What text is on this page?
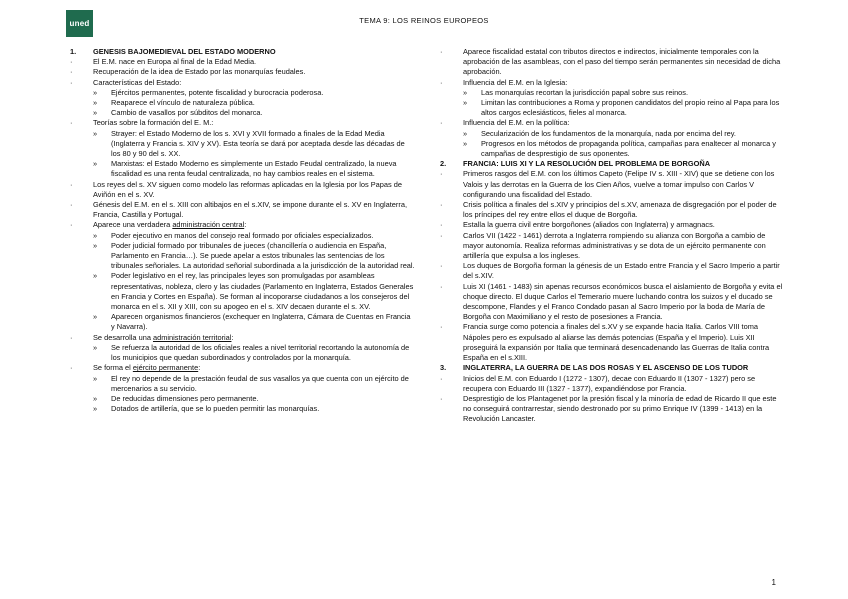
uned	TEMA 9: LOS REINOS EUROPEOS
1.	GENESIS BAJOMEDIEVAL DEL ESTADO MODERNO
·	El E.M. nace en Europa al final de la Edad Media.
·	Recuperación de la idea de Estado por las monarquías feudales.
·	Características del Estado:
»	Ejércitos permanentes, potente fiscalidad y burocracia poderosa.
»	Reaparece el vínculo de naturaleza pública.
»	Cambio de vasallos por súbditos del monarca.
·	Teorías sobre la formación del E. M.:
»	Strayer: el Estado Moderno de los s. XVI y XVII formado a finales de la Edad Media (Inglaterra y Francia s. XIV y XV). Esta teoría se dará por aceptada desde las décadas de los 80 y 90 del s. XX.
»	Marxistas: el Estado Moderno es simplemente un Estado Feudal centralizado, la nueva fiscalidad es una renta feudal centralizada, no hay cambios reales en el sistema.
·	Los reyes del s. XV siguen como modelo las reformas aplicadas en la Iglesia por los Papas de Aviñón en el s. XV.
·	Génesis del E.M. en el s. XIII con altibajos en el s.XIV, se impone durante el s. XV en Inglaterra, Francia, Castilla y Portugal.
·	Aparece una verdadera administración central:
»	Poder ejecutivo en manos del consejo real formado por oficiales especializados.
»	Poder judicial formado por tribunales de jueces (chancillería o audiencia en España, Parlamento en Francia…). Se puede apelar a estos tribunales las sentencias de los tribunales señoriales. La autoridad señorial subordinada a la jurisdicción de la autoridad real.
»	Poder legislativo en el rey, las principales leyes son promulgadas por asambleas representativas, nobleza, clero y las ciudades (Parlamento en Inglaterra, Estados Generales en Francia y Cortes en España). Se forman al incoporarse ciudadanos a los consejeros del monarca en el s. XII y XIII, con su apogeo en el s. XIV decaen durante el s. XV.
»	Aparecen organismos financieros (exchequer en Inglaterra, Cámara de Cuentas en Francia y Navarra).
·	Se desarrolla una administración territorial:
»	Se refuerza la autoridad de los oficiales reales a nivel territorial recortando la autonomía de los municipios que quedan subordinados y controlados por la monarquía.
·	Se forma el ejército permanente:
»	El rey no depende de la prestación feudal de sus vasallos ya que cuenta con un ejército de mercenarios a su servicio.
»	De reducidas dimensiones pero permanente.
»	Dotados de artillería, que se lo pueden permitir las monarquías.
·	Aparece fiscalidad estatal con tributos directos e indirectos, inicialmente temporales con la aprobación de las asambleas, con el paso del tiempo serán permanentes sin necesidad de dicha aprobación.
·	Influencia del E.M. en la Iglesia:
»	Las monarquías recortan la jurisdicción papal sobre sus reinos.
»	Limitan las contribuciones a Roma y proponen candidatos del propio reino al Papa para los altos cargos eclesiásticos, fieles al monarca.
·	Influencia del E.M. en la política:
»	Secularización de los fundamentos de la monarquía, nada por encima del rey.
»	Progresos en los métodos de propaganda política, campañas para enaltecer al monarca y campañas de desprestigio de sus oponentes.
2.	FRANCIA: LUIS XI Y LA RESOLUCIÓN DEL PROBLEMA DE BORGOÑA
·	Primeros rasgos del E.M. con los últimos Capeto (Felipe IV s. XIII - XIV) que se detiene con los Valois y las derrotas en la Guerra de los Cien Años, vuelve a tomar impulso con Carlos V configurando una fiscalidad del Estado.
·	Crisis política a finales del s.XIV y principios del s.XV, amenaza de disgregación por el poder de los príncipes del rey entre ellos el duque de Borgoña.
·	Estalla la guerra civil entre borgoñones (aliados con Inglaterra) y armagnacs.
·	Carlos VII (1422 - 1461) derrota a Inglaterra rompiendo su alianza con Borgoña a cambio de mayor autonomía. Realiza reformas administrativas y se dota de un ejército permanente con artillería que expulsa a los ingleses.
·	Los duques de Borgoña forman la génesis de un Estado entre Francia y el Sacro Imperio a partir del s.XIV.
·	Luis XI (1461 - 1483) sin apenas recursos económicos busca el aislamiento de Borgoña y evita el choque directo. El duque Carlos el Temerario muere luchando contra los suizos y el ducado se descompone, Flandes y el Franco Condado pasan al Sacro Imperio por la boda de María de Borgoña con Maximiliano y el resto de posesiones a Francia.
·	Francia surge como potencia a finales del s.XV y se expande hacia Italia. Carlos VIII toma Nápoles pero es expulsado al aliarse las demás potencias (España y el Imperio). Luis XII proseguirá la expansión por Italia que terminará desencadenando las Guerras de Italia contra España en el s.XIII.
3.	INGLATERRA, LA GUERRA DE LAS DOS ROSAS Y EL ASCENSO DE LOS TUDOR
·	Inicios del E.M. con Eduardo I (1272 - 1307), decae con Eduardo II (1307 - 1327) pero se recupera con Eduardo III (1327 - 1377), expandiéndose por Francia.
·	Desprestigio de los Plantagenet por la presión fiscal y la minoría de edad de Ricardo II que este no conseguirá contrarrestar, siendo destronado por su primo Enrique IV (1399 - 1413) en la Revolución Lancaster.
1
